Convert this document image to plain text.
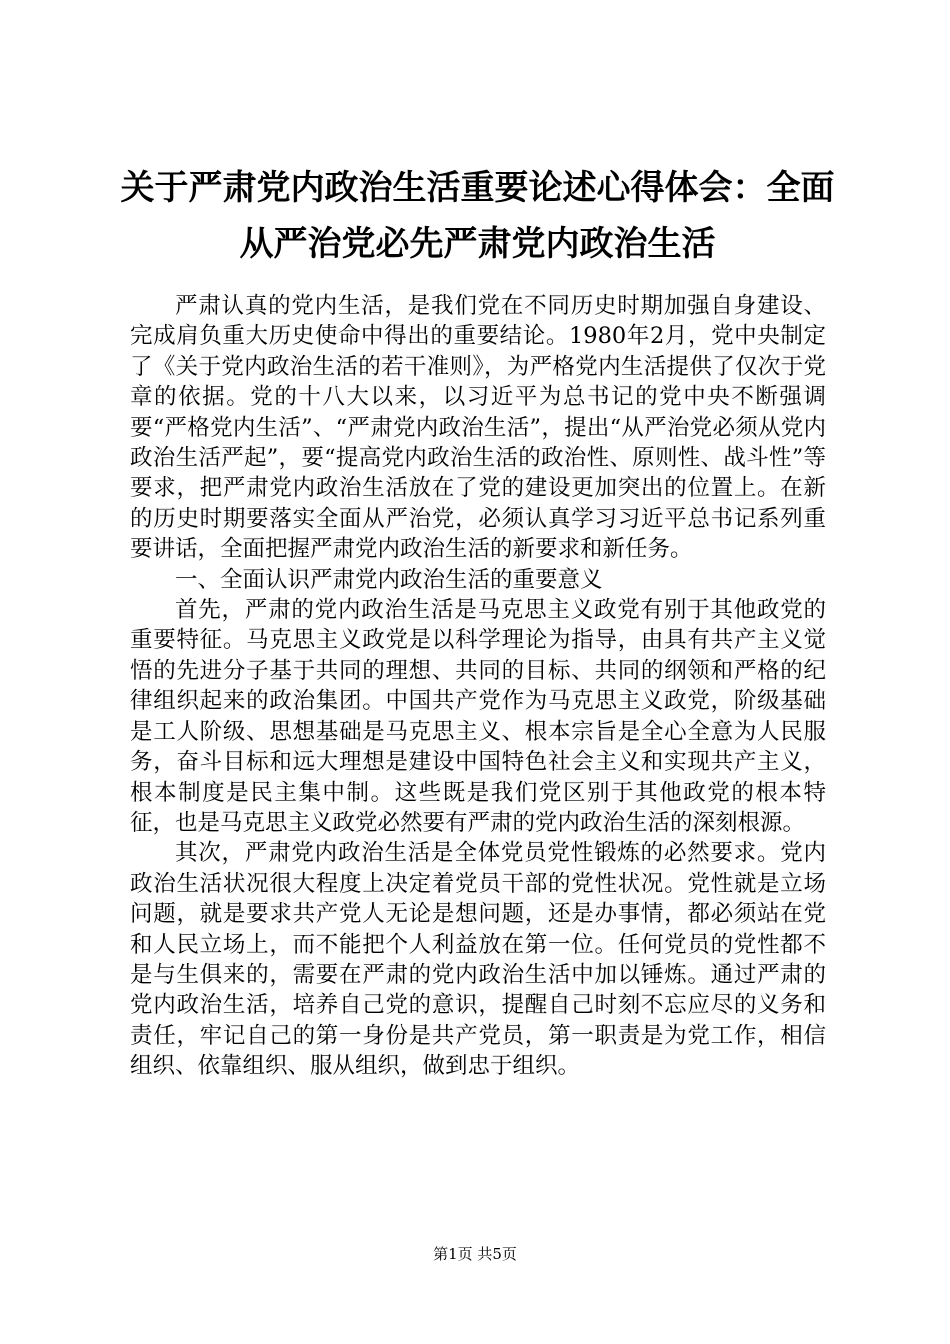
关于严肃党内政治生活重要论述心得体会：全面从严治党必先严肃党内政治生活

严肃认真的党内生活，是我们党在不同历史时期加强自身建设、完成肩负重大历史使命中得出的重要结论。1980年2月，党中央制定了《关于党内政治生活的若干准则》，为严格党内生活提供了仅次于党章的依据。党的十八大以来，以习近平为总书记的党中央不断强调要“严格党内生活”、“严肃党内政治生活”，提出“从严治党必须从党内政治生活严起”，要“提高党内政治生活的政治性、原则性、战斗性”等要求，把严肃党内政治生活放在了党的建设更加突出的位置上。在新的历史时期要落实全面从严治党，必须认真学习习近平总书记系列重要讲话，全面把握严肃党内政治生活的新要求和新任务。

一、全面认识严肃党内政治生活的重要意义

首先，严肃的党内政治生活是马克思主义政党有别于其他政党的重要特征。马克思主义政党是以科学理论为指导，由具有共产主义觉悟的先进分子基于共同的理想、共同的目标、共同的纲领和严格的纪律组织起来的政治集团。中国共产党作为马克思主义政党，阶级基础是工人阶级、思想基础是马克思主义、根本宗旨是全心全意为人民服务，奋斗目标和远大理想是建设中国特色社会主义和实现共产主义，根本制度是民主集中制。这些既是我们党区别于其他政党的根本特征，也是马克思主义政党必然要有严肃的党内政治生活的深刻根源。

其次，严肃党内政治生活是全体党员党性锻炼的必然要求。党内政治生活状况很大程度上决定着党员干部的党性状况。党性就是立场问题，就是要求共产党人无论是想问题，还是办事情，都必须站在党和人民立场上，而不能把个人利益放在第一位。任何党员的党性都不是与生俱来的，需要在严肃的党内政治生活中加以锤炼。通过严肃的党内政治生活，培养自己党的意识，提醒自己时刻不忘应尽的义务和责任，牢记自己的第一身份是共产党员，第一职责是为党工作，相信组织、依靠组织、服从组织，做到忠于组织。

第1页 共5页
